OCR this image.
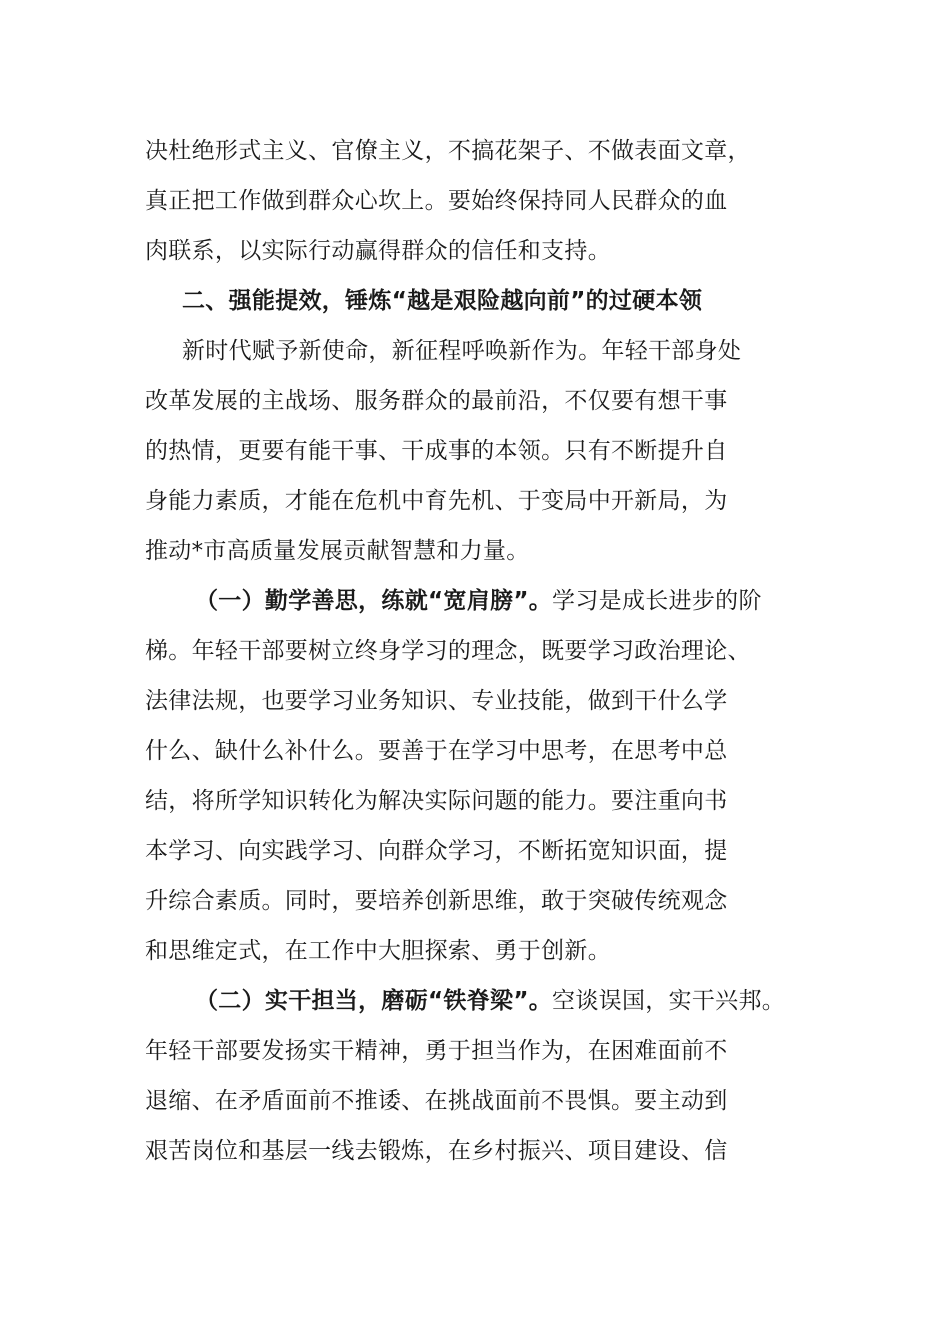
决杜绝形式主义、官僚主义，不搞花架子、不做表面文章，
真正把工作做到群众心坎上。要始终保持同人民群众的血
肉联系，以实际行动赢得群众的信任和支持。
二、强能提效，锤炼“越是艰险越向前”的过硬本领
新时代赋予新使命，新征程呼唤新作为。年轻干部身处
改革发展的主战场、服务群众的最前沿，不仅要有想干事
的热情，更要有能干事、干成事的本领。只有不断提升自
身能力素质，才能在危机中育先机、于变局中开新局，为
推动*市高质量发展贡献智慧和力量。
（一）勤学善思，练就“宽肩膀”。学习是成长进步的阶
梯。年轻干部要树立终身学习的理念，既要学习政治理论、
法律法规，也要学习业务知识、专业技能，做到干什么学
什么、缺什么补什么。要善于在学习中思考，在思考中总
结，将所学知识转化为解决实际问题的能力。要注重向书
本学习、向实践学习、向群众学习，不断拓宽知识面，提
升综合素质。同时，要培养创新思维，敢于突破传统观念
和思维定式，在工作中大胆探索、勇于创新。
（二）实干担当，磨砺“铁脊梁”。空谈误国，实干兴邦。
年轻干部要发扬实干精神，勇于担当作为，在困难面前不
退缩、在矛盾面前不推诿、在挑战面前不畏惧。要主动到
艰苦岗位和基层一线去锻炼，在乡村振兴、项目建设、信
